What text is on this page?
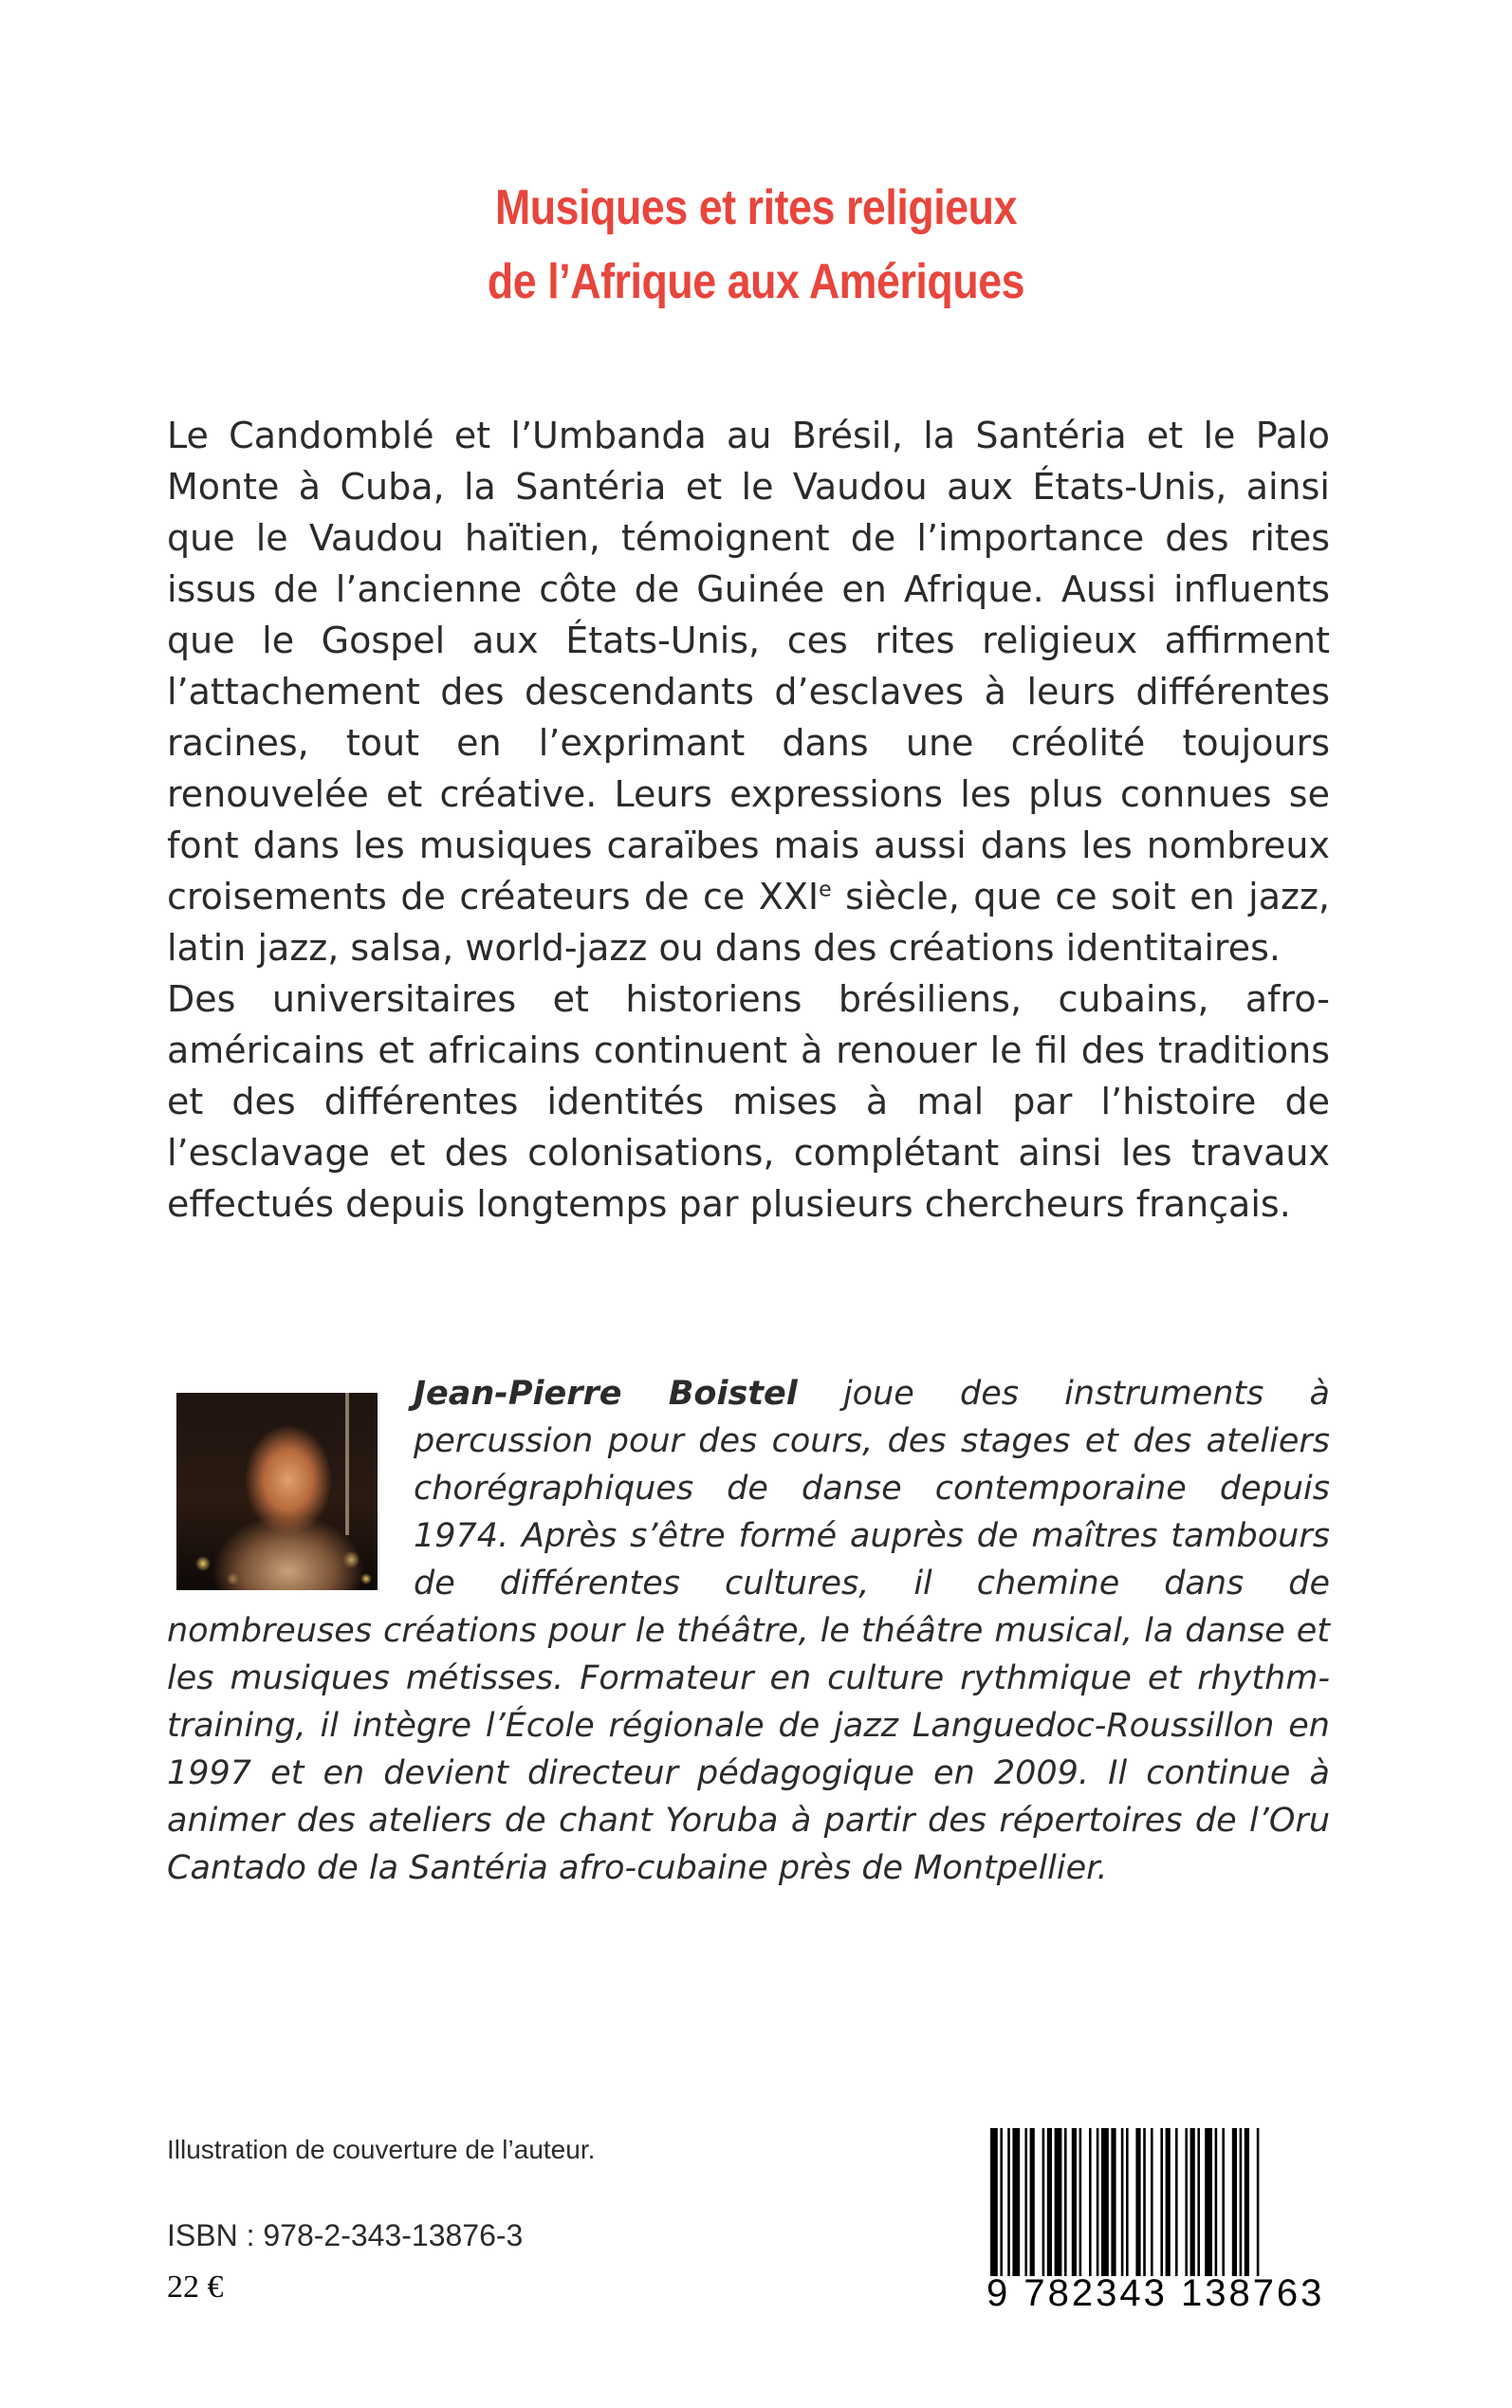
Musiques et rites religieux
de l’Afrique aux Amériques

Le Candomblé et l’Umbanda au Brésil, la Santéria et le Palo Monte à Cuba, la Santéria et le Vaudou aux États-Unis, ainsi que le Vaudou haïtien, témoignent de l’importance des rites issus de l’ancienne côte de Guinée en Afrique. Aussi influents que le Gospel aux États-Unis, ces rites religieux affirment l’attachement des descendants d’esclaves à leurs différentes racines, tout en l’exprimant dans une créolité toujours renouvelée et créative. Leurs expressions les plus connues se font dans les musiques caraïbes mais aussi dans les nombreux croisements de créateurs de ce XXIe siècle, que ce soit en jazz, latin jazz, salsa, world-jazz ou dans des créations identitaires.

Des universitaires et historiens brésiliens, cubains, afro-américains et africains continuent à renouer le fil des traditions et des différentes identités mises à mal par l’histoire de l’esclavage et des colonisations, complétant ainsi les travaux effectués depuis longtemps par plusieurs chercheurs français.

Jean-Pierre Boistel joue des instruments à percussion pour des cours, des stages et des ateliers chorégraphiques de danse contemporaine depuis 1974. Après s’être formé auprès de maîtres tambours de différentes cultures, il chemine dans de nombreuses créations pour le théâtre, le théâtre musical, la danse et les musiques métisses. Formateur en culture rythmique et rhythm-training, il intègre l’École régionale de jazz Languedoc-Roussillon en 1997 et en devient directeur pédagogique en 2009. Il continue à animer des ateliers de chant Yoruba à partir des répertoires de l’Oru Cantado de la Santéria afro-cubaine près de Montpellier.
Illustration de couverture de l’auteur.
ISBN : 978-2-343-13876-3
22 €	9 782343 138763
